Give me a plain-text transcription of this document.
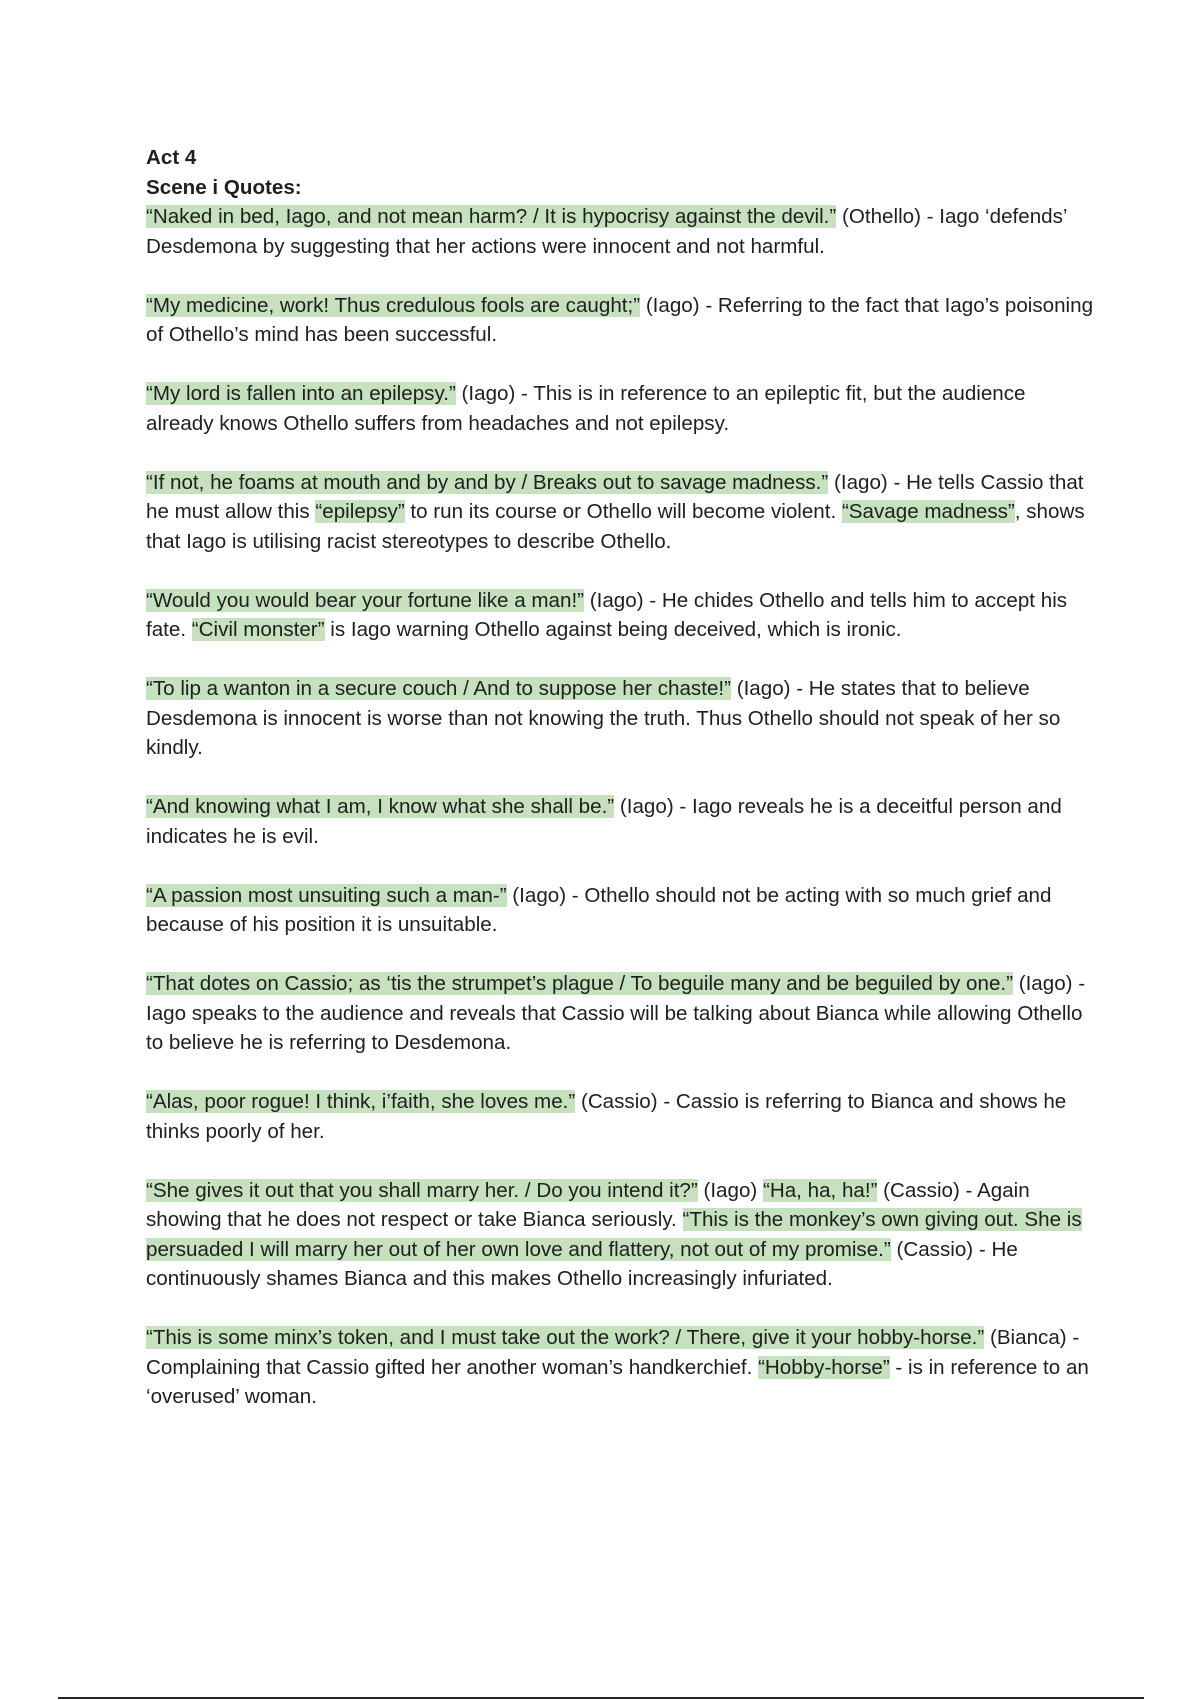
Act 4

Scene i Quotes:

“Naked in bed, Iago, and not mean harm? / It is hypocrisy against the devil.” (Othello) - Iago ‘defends’ Desdemona by suggesting that her actions were innocent and not harmful.

“My medicine, work! Thus credulous fools are caught;” (Iago) - Referring to the fact that Iago’s poisoning of Othello’s mind has been successful.

“My lord is fallen into an epilepsy.” (Iago) - This is in reference to an epileptic fit, but the audience already knows Othello suffers from headaches and not epilepsy.

“If not, he foams at mouth and by and by / Breaks out to savage madness.” (Iago) - He tells Cassio that he must allow this “epilepsy” to run its course or Othello will become violent. “Savage madness”, shows that Iago is utilising racist stereotypes to describe Othello.

“Would you would bear your fortune like a man!” (Iago) - He chides Othello and tells him to accept his fate. “Civil monster” is Iago warning Othello against being deceived, which is ironic.

“To lip a wanton in a secure couch / And to suppose her chaste!” (Iago) - He states that to believe Desdemona is innocent is worse than not knowing the truth. Thus Othello should not speak of her so kindly.

“And knowing what I am, I know what she shall be.” (Iago) - Iago reveals he is a deceitful person and indicates he is evil.

“A passion most unsuiting such a man-” (Iago) - Othello should not be acting with so much grief and because of his position it is unsuitable.

“That dotes on Cassio; as ‘tis the strumpet’s plague / To beguile many and be beguiled by one.” (Iago) - Iago speaks to the audience and reveals that Cassio will be talking about Bianca while allowing Othello to believe he is referring to Desdemona.

“Alas, poor rogue! I think, i’faith, she loves me.” (Cassio) - Cassio is referring to Bianca and shows he thinks poorly of her.

“She gives it out that you shall marry her. / Do you intend it?” (Iago) “Ha, ha, ha!” (Cassio) - Again showing that he does not respect or take Bianca seriously. “This is the monkey’s own giving out. She is persuaded I will marry her out of her own love and flattery, not out of my promise.” (Cassio) - He continuously shames Bianca and this makes Othello increasingly infuriated.

“This is some minx’s token, and I must take out the work? / There, give it your hobby-horse.” (Bianca) - Complaining that Cassio gifted her another woman’s handkerchief. “Hobby-horse” - is in reference to an ‘overused’ woman.
